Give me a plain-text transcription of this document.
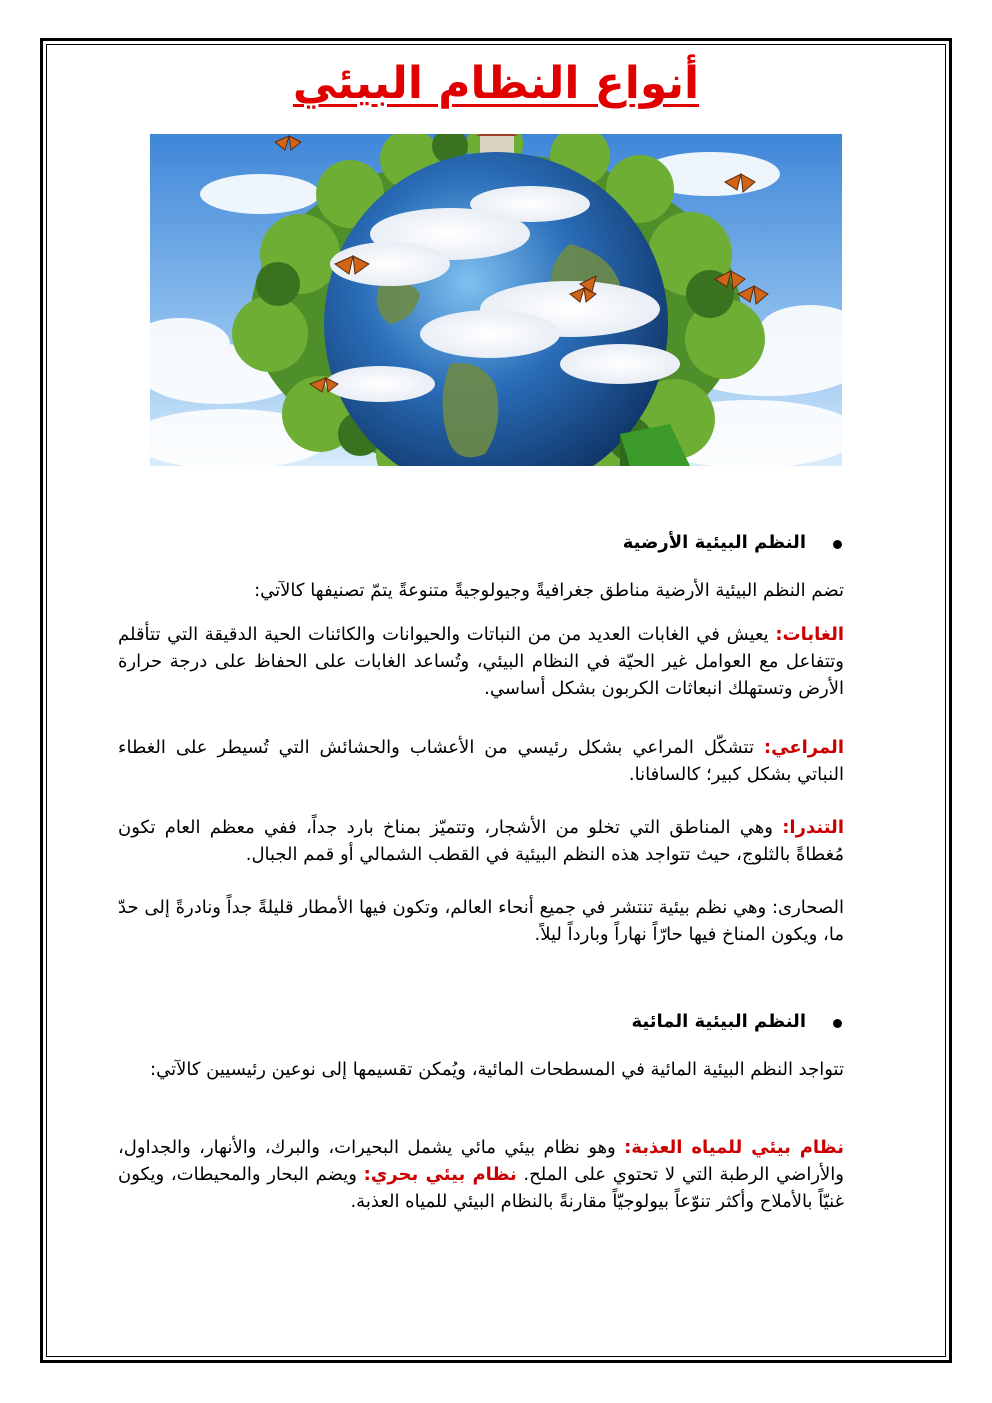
أنواع النظام البيئي
النظم البيئية الأرضية

تضم النظم البيئية الأرضية مناطق جغرافيةً وجيولوجيةً متنوعةً يتمّ تصنيفها كالآتي:

الغابات: يعيش في الغابات العديد من من النباتات والحيوانات والكائنات الحية الدقيقة التي تتأقلم وتتفاعل مع العوامل غير الحيّة في النظام البيئي، وتُساعد الغابات على الحفاظ على درجة حرارة الأرض وتستهلك انبعاثات الكربون بشكل أساسي.

المراعي: تتشكّل المراعي بشكل رئيسي من الأعشاب والحشائش التي تُسيطر على الغطاء النباتي بشكل كبير؛ كالسافانا.

التندرا: وهي المناطق التي تخلو من الأشجار، وتتميّز بمناخ بارد جداً، ففي معظم العام تكون مُغطاةً بالثلوج، حيث تتواجد هذه النظم البيئية في القطب الشمالي أو قمم الجبال.

الصحارى: وهي نظم بيئية تنتشر في جميع أنحاء العالم، وتكون فيها الأمطار قليلةً جداً ونادرةً إلى حدّ ما، ويكون المناخ فيها حارّاً نهاراً وبارداً ليلاً.

النظم البيئية المائية

تتواجد النظم البيئية المائية في المسطحات المائية، ويُمكن تقسيمها إلى نوعين رئيسيين كالآتي:

نظام بيئي للمياه العذبة: وهو نظام بيئي مائي يشمل البحيرات، والبرك، والأنهار، والجداول، والأراضي الرطبة التي لا تحتوي على الملح. نظام بيئي بحري: ويضم البحار والمحيطات، ويكون غنيّاً بالأملاح وأكثر تنوّعاً بيولوجيّاً مقارنةً بالنظام البيئي للمياه العذبة.
